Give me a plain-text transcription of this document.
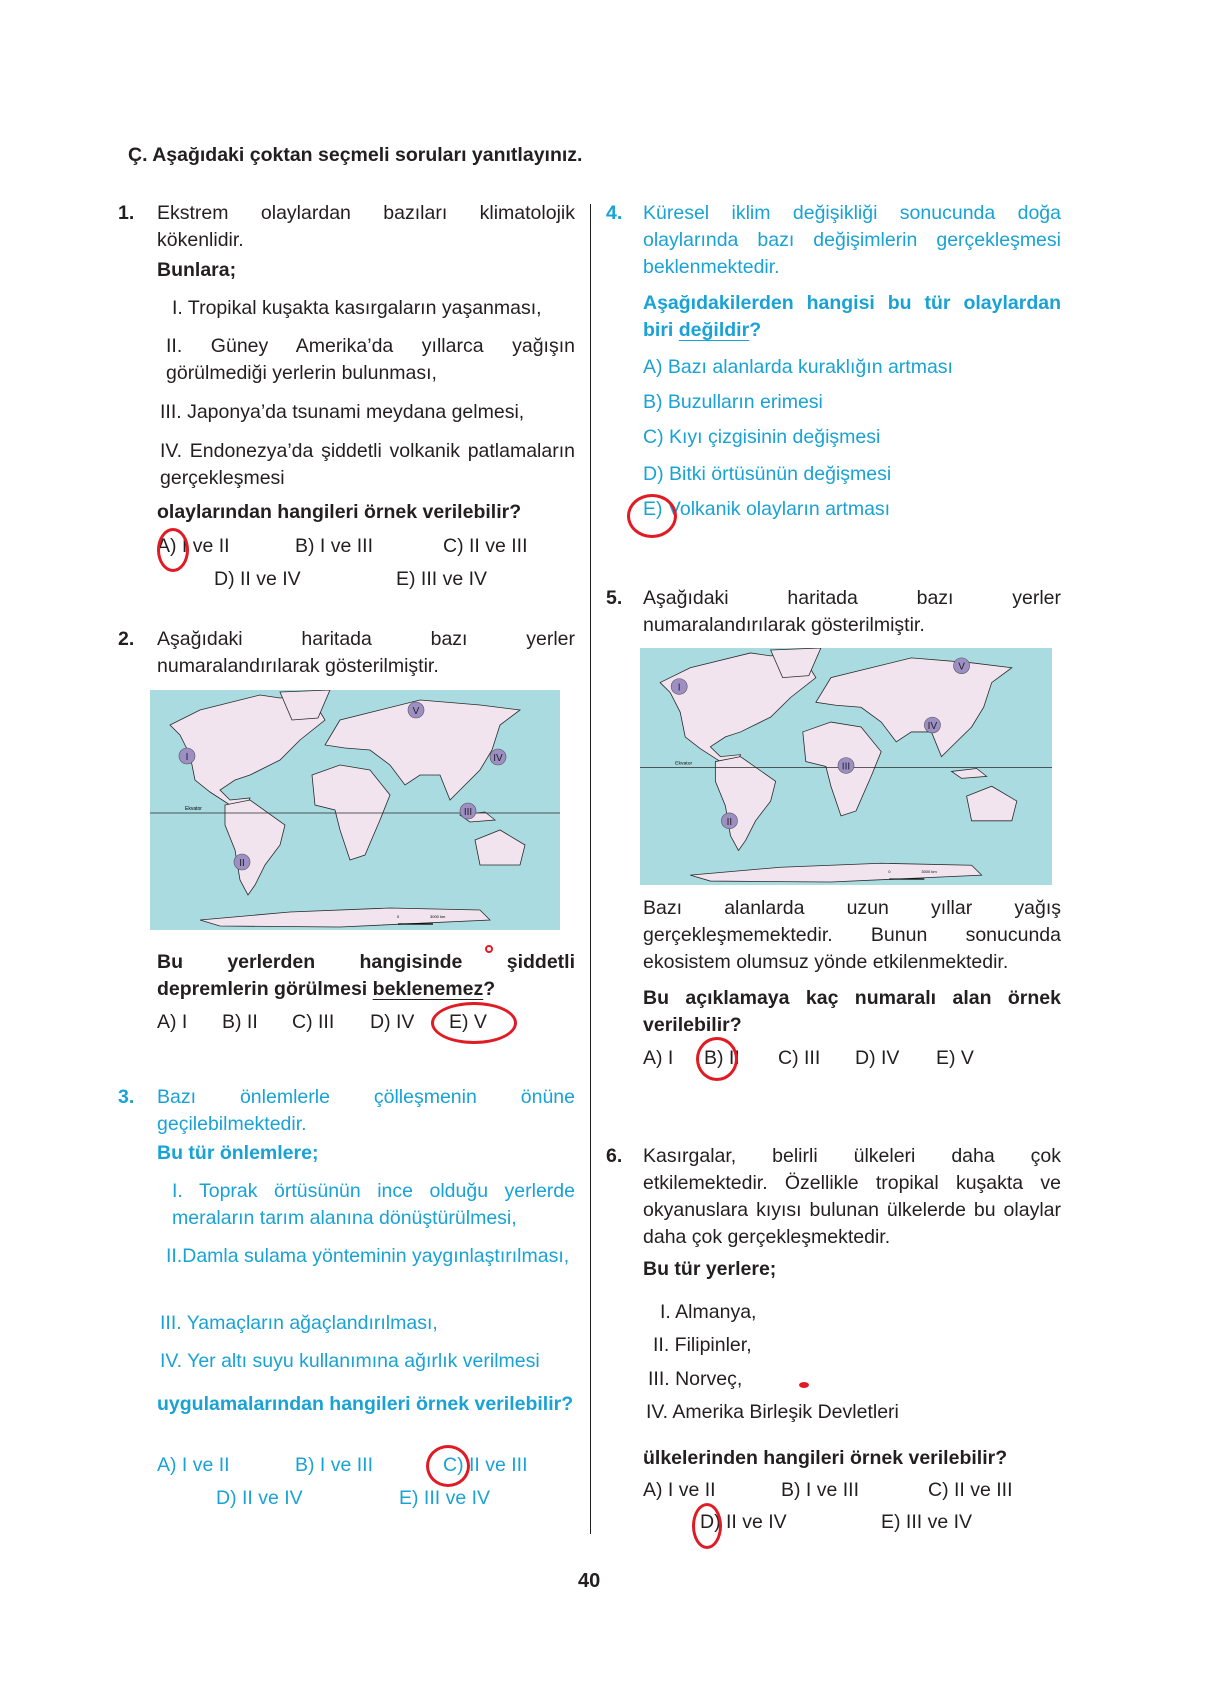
Ç. Aşağıdaki çoktan seçmeli soruları yanıtlayınız.
1. Ekstrem olaylardan bazıları klimatolojik kökenlidir.
Bunlara;
I. Tropikal kuşakta kasırgaların yaşanması,
II. Güney Amerika’da yıllarca yağışın görülmediği yerlerin bulunması,
III. Japonya’da tsunami meydana gelmesi,
IV. Endonezya’da şiddetli volkanik patlamaların gerçekleşmesi
olaylarından hangileri örnek verilebilir?
A) I ve II	B) I ve III	C) II ve III
D) II ve IV	E) III ve IV
2. Aşağıdaki haritada bazı yerler numaralandırılarak gösterilmiştir.
Ekvator
0	3000 km
I
II
III
IV
V
Bu yerlerden hangisinde şiddetli depremlerin görülmesi beklenemez?
A) I B) II C) III D) IV E) V
3. Bazı önlemlerle çölleşmenin önüne geçilebilmektedir.
Bu tür önlemlere;
I. Toprak örtüsünün ince olduğu yerlerde meraların tarım alanına dönüştürülmesi,
II.Damla sulama yönteminin yaygınlaştırılması,
III. Yamaçların ağaçlandırılması,
IV. Yer altı suyu kullanımına ağırlık verilmesi
uygulamalarından hangileri örnek verilebilir?
A) I ve II	B) I ve III	C) II ve III
D) II ve IV	E) III ve IV
4. Küresel iklim değişikliği sonucunda doğa olaylarında bazı değişimlerin gerçekleşmesi beklenmektedir.
Aşağıdakilerden hangisi bu tür olaylardan biri değildir?
A) Bazı alanlarda kuraklığın artması
B) Buzulların erimesi
C) Kıyı çizgisinin değişmesi
D) Bitki örtüsünün değişmesi
E) Volkanik olayların artması
5. Aşağıdaki haritada bazı yerler numaralandırılarak gösterilmiştir.
Ekvator
0	3000 km
I
II
III
IV
V
Bazı alanlarda uzun yıllar yağış gerçekleşmemektedir. Bunun sonucunda ekosistem olumsuz yönde etkilenmektedir.
Bu açıklamaya kaç numaralı alan örnek verilebilir?
A) I B) II C) III D) IV E) V
6. Kasırgalar, belirli ülkeleri daha çok etkilemektedir. Özellikle tropikal kuşakta ve okyanuslara kıyısı bulunan ülkelerde bu olaylar daha çok gerçekleşmektedir.
Bu tür yerlere;
I. Almanya,
II. Filipinler,
III. Norveç,
IV. Amerika Birleşik Devletleri
ülkelerinden hangileri örnek verilebilir?
A) I ve II	B) I ve III	C) II ve III
D) II ve IV	E) III ve IV
40
